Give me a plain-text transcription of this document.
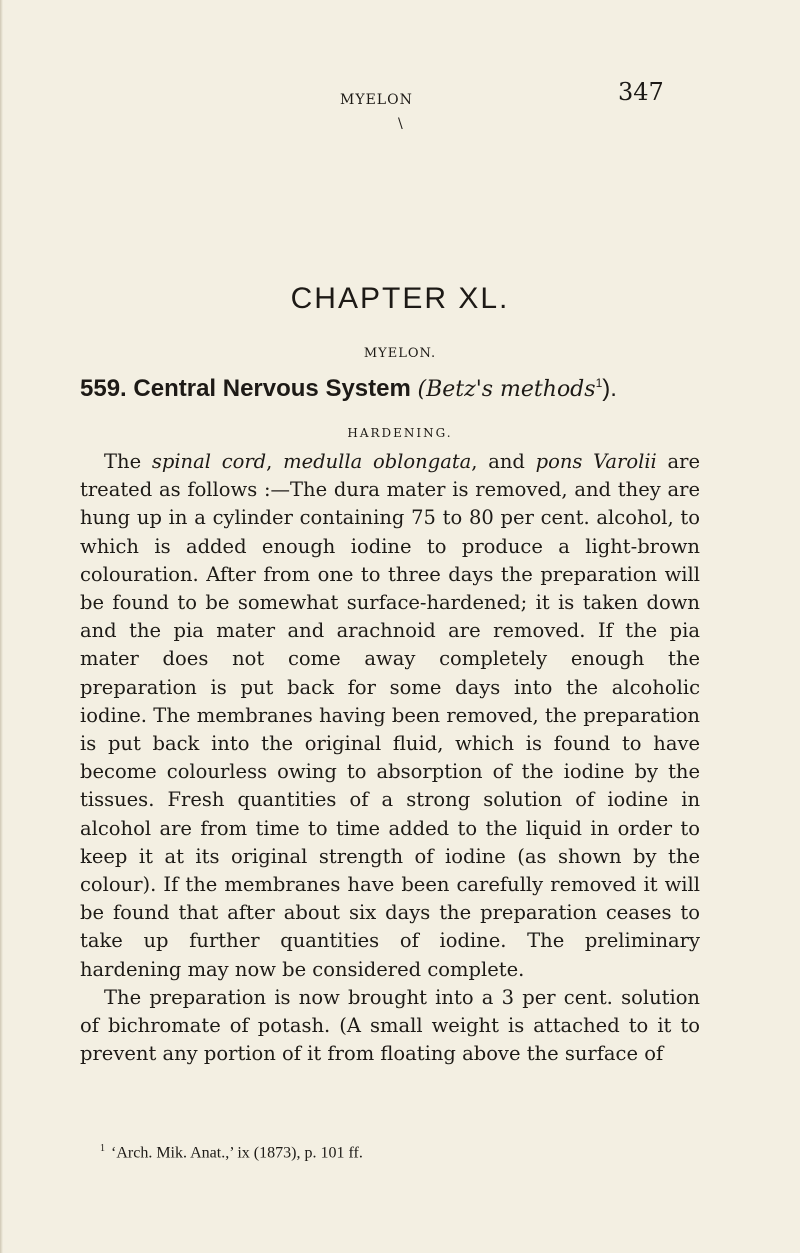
MYELON	347
\
CHAPTER XL.
MYELON.
559. Central Nervous System (Betz's methods$^1$).
HARDENING.

The spinal cord, medulla oblongata, and pons Varolii are treated as follows :—The dura mater is removed, and they are hung up in a cylinder containing 75 to 80 per cent. alcohol, to which is added enough iodine to produce a light-brown colouration. After from one to three days the preparation will be found to be somewhat surface-hardened; it is taken down and the pia mater and arachnoid are removed. If the pia mater does not come away completely enough the preparation is put back for some days into the alcoholic iodine. The membranes having been removed, the preparation is put back into the original fluid, which is found to have become colourless owing to absorption of the iodine by the tissues. Fresh quantities of a strong solution of iodine in alcohol are from time to time added to the liquid in order to keep it at its original strength of iodine (as shown by the colour). If the membranes have been carefully removed it will be found that after about six days the preparation ceases to take up further quantities of iodine. The preliminary hardening may now be considered complete.

The preparation is now brought into a 3 per cent. solution of bichromate of potash. (A small weight is attached to it to prevent any portion of it from floating above the surface of

$^1$ ‘Arch. Mik. Anat.,’ ix (1873), p. 101 ff.
